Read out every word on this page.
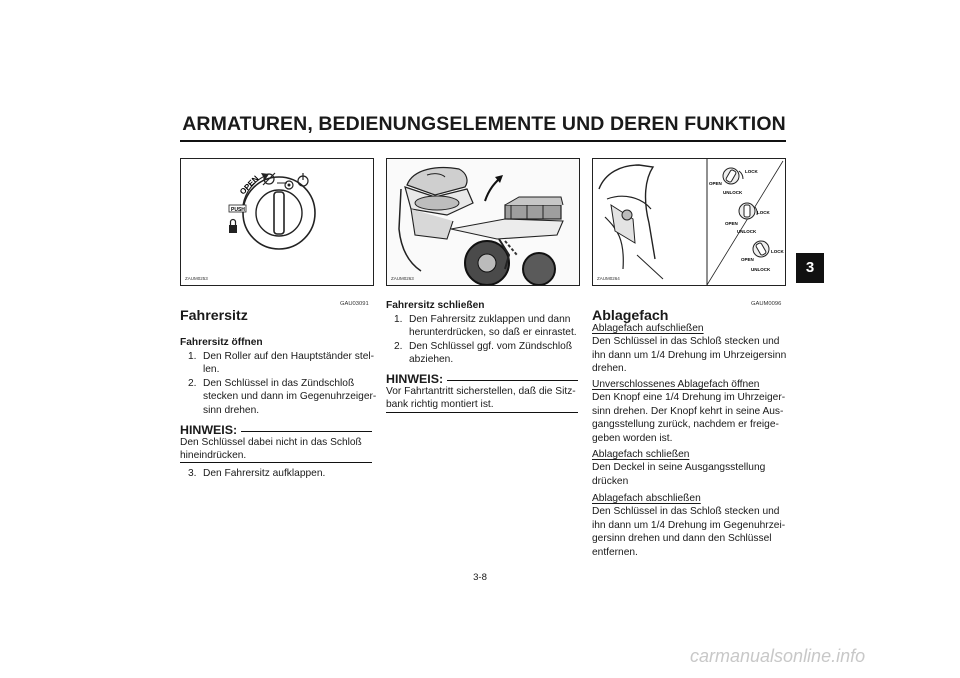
ARMATUREN, BEDIENUNGSELEMENTE UND DEREN FUNKTION
3
OPEN
PUSH
ZAUM0253	ZAUM0263
OPEN
LOCK
UNLOCK
OPEN
LOCK
UNLOCK
OPEN
LOCK
UNLOCK
ZAUM0264
GAU03091
Fahrersitz
Fahrersitz öffnen
1. Den Roller auf den Hauptständer stel-
len.
2. Den Schlüssel in das Zündschloß
stecken und dann im Gegenuhrzeiger-
sinn drehen.
HINWEIS:
Den Schlüssel dabei nicht in das Schloß
hineindrücken.
3. Den Fahrersitz aufklappen.
Fahrersitz schließen
1. Den Fahrersitz zuklappen und dann
herunterdrücken, so daß er einrastet.
2. Den Schlüssel ggf. vom Zündschloß
abziehen.
HINWEIS:
Vor Fahrtantritt sicherstellen, daß die Sitz-
bank richtig montiert ist.
GAUM0096
Ablagefach
Ablagefach aufschließen
Den Schlüssel in das Schloß stecken und
ihn dann um 1/4 Drehung im Uhrzeigersinn
drehen.
Unverschlossenes Ablagefach öffnen
Den Knopf eine 1/4 Drehung im Uhrzeiger-
sinn drehen. Der Knopf kehrt in seine Aus-
gangsstellung zurück, nachdem er freige-
geben worden ist.
Ablagefach schließen
Den Deckel in seine Ausgangsstellung
drücken
Ablagefach abschließen
Den Schlüssel in das Schloß stecken und
ihn dann um 1/4 Drehung im Gegenuhrzei-
gersinn drehen und dann den Schlüssel
entfernen.
3-8
carmanualsonline.info
